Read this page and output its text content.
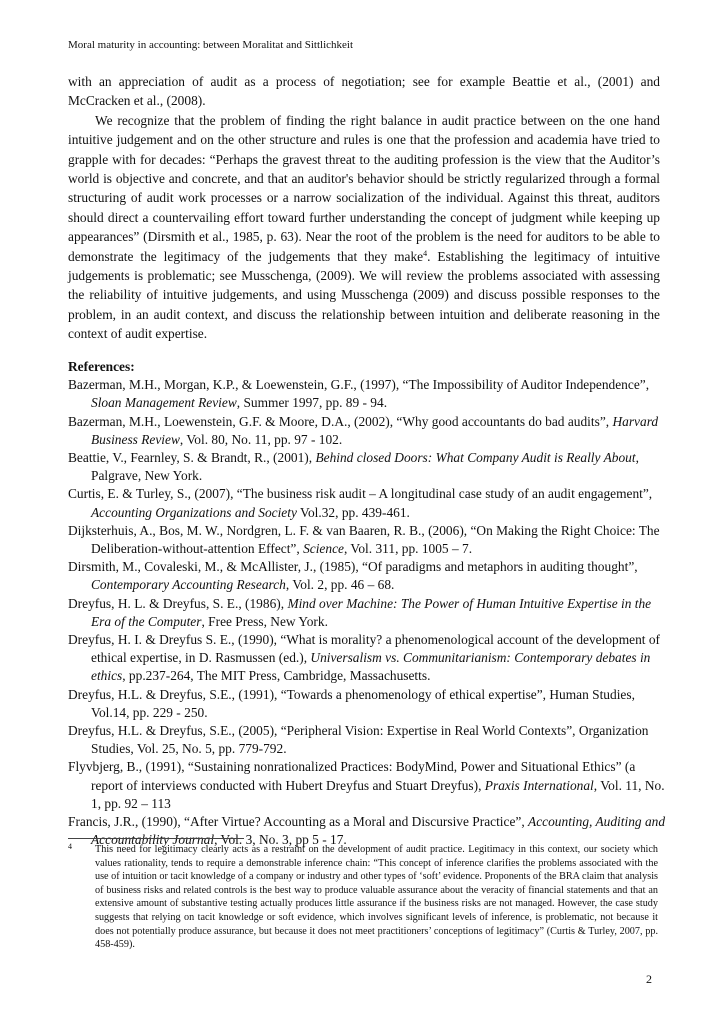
Moral maturity in accounting: between Moralitat and Sittlichkeit

with an appreciation of audit as a process of negotiation; see for example Beattie et al., (2001) and McCracken et al., (2008).

We recognize that the problem of finding the right balance in audit practice between on the one hand intuitive judgement and on the other structure and rules is one that the profession and academia have tried to grapple with for decades: “Perhaps the gravest threat to the auditing profession is the view that the Auditor’s world is objective and concrete, and that an auditor's behavior should be strictly regularized through a formal structuring of audit work processes or a narrow socialization of the individual. Against this threat, auditors should direct a countervailing effort toward further understanding the concept of judgment while keeping up appearances” (Dirsmith et al., 1985, p. 63). Near the root of the problem is the need for auditors to be able to demonstrate the legitimacy of the judgements that they make$^4$. Establishing the legitimacy of intuitive judgements is problematic; see Musschenga, (2009). We will review the problems associated with assessing the reliability of intuitive judgements, and using Musschenga (2009) and discuss possible responses to the problem, in an audit context, and discuss the relationship between intuition and deliberate reasoning in the context of audit expertise.

References:

Bazerman, M.H., Morgan, K.P., & Loewenstein, G.F., (1997), “The Impossibility of Auditor Independence”, Sloan Management Review, Summer 1997, pp. 89 - 94.

Bazerman, M.H., Loewenstein, G.F. & Moore, D.A., (2002), “Why good accountants do bad audits”, Harvard Business Review, Vol. 80, No. 11, pp. 97 - 102.

Beattie, V., Fearnley, S. & Brandt, R., (2001), Behind closed Doors: What Company Audit is Really About, Palgrave, New York.

Curtis, E. & Turley, S., (2007), “The business risk audit – A longitudinal case study of an audit engagement”, Accounting Organizations and Society Vol.32, pp. 439-461.

Dijksterhuis, A., Bos, M. W., Nordgren, L. F. & van Baaren, R. B., (2006), “On Making the Right Choice: The Deliberation-without-attention Effect”, Science, Vol. 311, pp. 1005 – 7.

Dirsmith, M., Covaleski, M., & McAllister, J., (1985), “Of paradigms and metaphors in auditing thought”, Contemporary Accounting Research, Vol. 2, pp. 46 – 68.

Dreyfus, H. L. & Dreyfus, S. E., (1986), Mind over Machine: The Power of Human Intuitive Expertise in the Era of the Computer, Free Press, New York.

Dreyfus, H. I. & Dreyfus S. E., (1990), “What is morality? a phenomenological account of the development of ethical expertise, in D. Rasmussen (ed.), Universalism vs. Communitarianism: Contemporary debates in ethics, pp.237-264, The MIT Press, Cambridge, Massachusetts.

Dreyfus, H.L. & Dreyfus, S.E., (1991), “Towards a phenomenology of ethical expertise”, Human Studies, Vol.14, pp. 229 - 250.

Dreyfus, H.L. & Dreyfus, S.E., (2005), “Peripheral Vision: Expertise in Real World Contexts”, Organization Studies, Vol. 25, No. 5, pp. 779-792.

Flyvbjerg, B., (1991), “Sustaining nonrationalized Practices: BodyMind, Power and Situational Ethics” (a report of interviews conducted with Hubert Dreyfus and Stuart Dreyfus), Praxis International, Vol. 11, No. 1, pp. 92 – 113

Francis, J.R., (1990), “After Virtue? Accounting as a Moral and Discursive Practice”, Accounting, Auditing and Accountability Journal, Vol. 3, No. 3, pp 5 - 17.

4 This need for legitimacy clearly acts as a restraint on the development of audit practice. Legitimacy in this context, our society which values rationality, tends to require a demonstrable inference chain: “This concept of inference clarifies the problems associated with the use of intuition or tacit knowledge of a company or industry and other types of ‘soft’ evidence. Proponents of the BRA claim that analysis of business risks and related controls is the best way to produce valuable assurance about the veracity of financial statements and that an extensive amount of substantive testing actually produces little assurance if the business risks are not managed. However, the case study suggests that relying on tacit knowledge or soft evidence, which involves significant levels of inference, is problematic, not because it does not potentially produce assurance, but because it does not meet practitioners’ conceptions of legitimacy” (Curtis & Turley, 2007, pp. 458-459).
2
